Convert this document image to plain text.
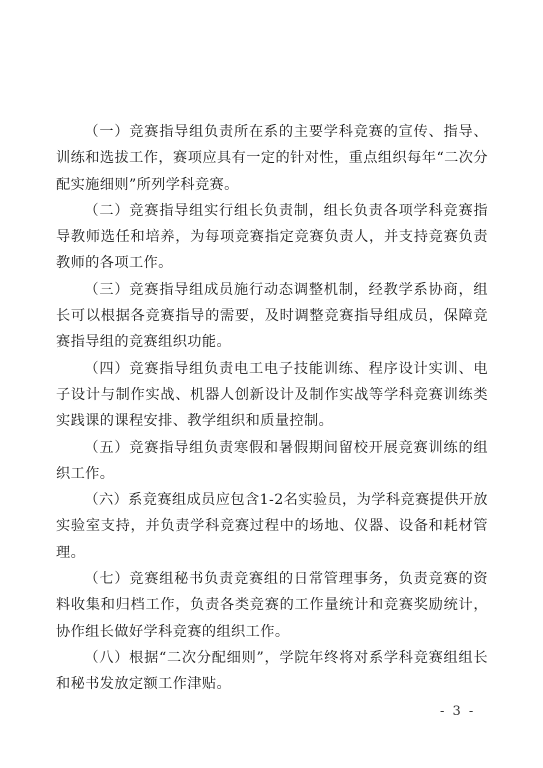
（一）竞赛指导组负责所在系的主要学科竞赛的宣传、指导、训练和选拔工作，赛项应具有一定的针对性，重点组织每年“二次分配实施细则”所列学科竞赛。

（二）竞赛指导组实行组长负责制，组长负责各项学科竞赛指导教师选任和培养，为每项竞赛指定竞赛负责人，并支持竞赛负责教师的各项工作。

（三）竞赛指导组成员施行动态调整机制，经教学系协商，组长可以根据各竞赛指导的需要，及时调整竞赛指导组成员，保障竞赛指导组的竞赛组织功能。

（四）竞赛指导组负责电工电子技能训练、程序设计实训、电子设计与制作实战、机器人创新设计及制作实战等学科竞赛训练类实践课的课程安排、教学组织和质量控制。

（五）竞赛指导组负责寒假和暑假期间留校开展竞赛训练的组织工作。

（六）系竞赛组成员应包含1-2名实验员，为学科竞赛提供开放实验室支持，并负责学科竞赛过程中的场地、仪器、设备和耗材管理。

（七）竞赛组秘书负责竞赛组的日常管理事务，负责竞赛的资料收集和归档工作，负责各类竞赛的工作量统计和竞赛奖励统计，协作组长做好学科竞赛的组织工作。

（八）根据“二次分配细则”，学院年终将对系学科竞赛组组长和秘书发放定额工作津贴。

- 3 -
